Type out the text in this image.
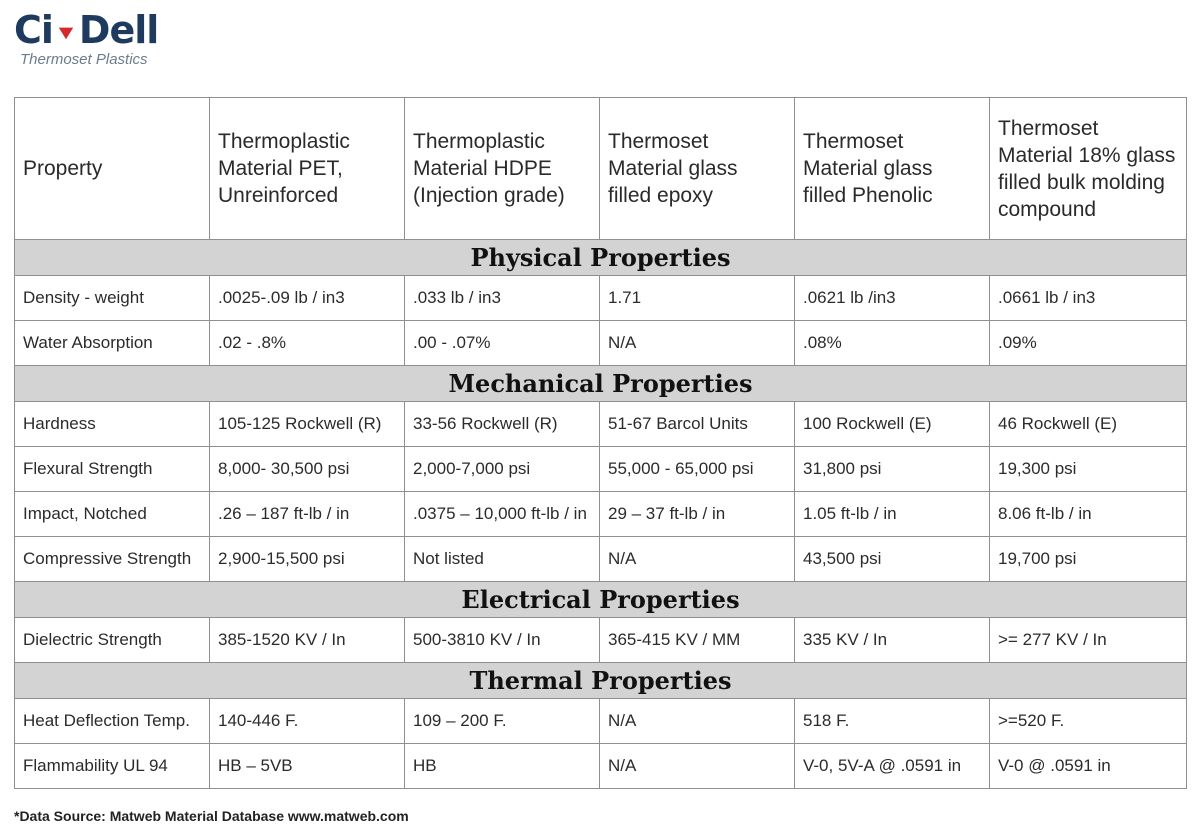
Ci Dell
Thermoset Plastics
Property	Thermoplastic Material PET, Unreinforced	Thermoplastic Material HDPE (Injection grade)	Thermoset Material glass filled epoxy	Thermoset Material glass filled Phenolic	Thermoset Material 18% glass filled bulk molding compound
Physical Properties					
Density - weight	.0025-.09 lb / in3	.033 lb / in3	1.71	.0621 lb /in3	.0661 lb / in3
Water Absorption	.02 - .8%	.00 - .07%	N/A	.08%	.09%
Mechanical Properties					
Hardness	105-125 Rockwell (R)	33-56 Rockwell (R)	51-67 Barcol Units	100 Rockwell (E)	46 Rockwell (E)
Flexural Strength	8,000- 30,500 psi	2,000-7,000 psi	55,000 - 65,000 psi	31,800 psi	19,300 psi
Impact, Notched	.26 – 187 ft-lb / in	.0375 – 10,000 ft-lb / in	29 – 37 ft-lb / in	1.05 ft-lb / in	8.06 ft-lb / in
Compressive Strength	2,900-15,500 psi	Not listed	N/A	43,500 psi	19,700 psi
Electrical Properties					
Dielectric Strength	385-1520 KV / In	500-3810 KV / In	365-415 KV / MM	335 KV / In	>= 277 KV / In
Thermal Properties					
Heat Deflection Temp.	140-446 F.	109 – 200 F.	N/A	518 F.	>=520 F.
Flammability UL 94	HB – 5VB	HB	N/A	V-0, 5V-A @ .0591 in	V-0 @ .0591 in
*Data Source: Matweb Material Database www.matweb.com
